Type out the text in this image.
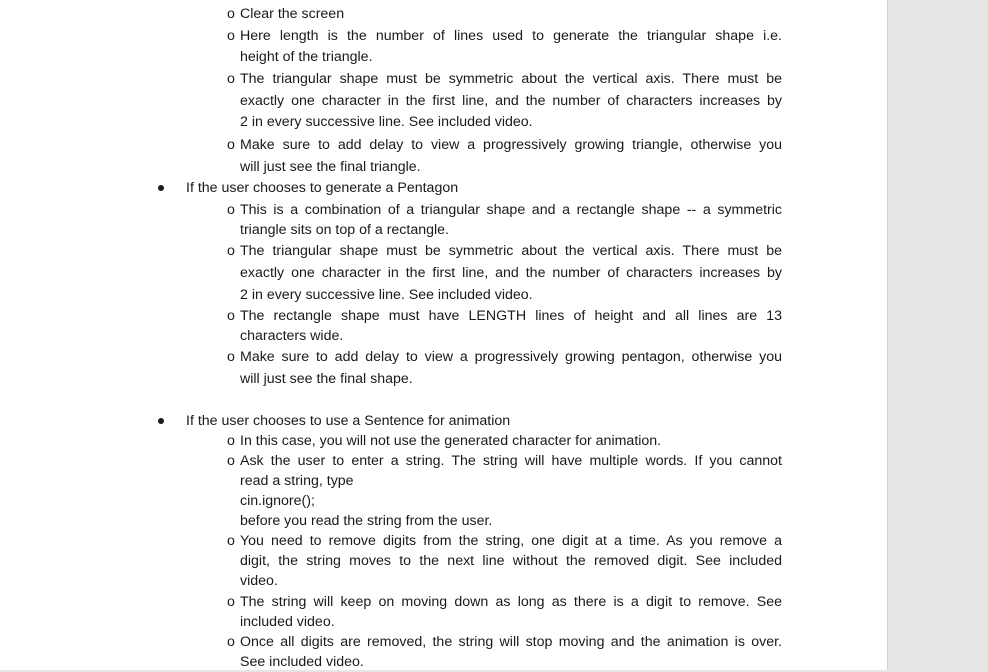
o Clear the screen
o Here length is the number of lines used to generate the triangular shape i.e.
height of the triangle.
o The triangular shape must be symmetric about the vertical axis. There must be
exactly one character in the first line, and the number of characters increases by
2 in every successive line. See included video.
o Make sure to add delay to view a progressively growing triangle, otherwise you
will just see the final triangle.
If the user chooses to generate a Pentagon
o This is a combination of a triangular shape and a rectangle shape -- a symmetric
triangle sits on top of a rectangle.
o The triangular shape must be symmetric about the vertical axis. There must be
exactly one character in the first line, and the number of characters increases by
2 in every successive line. See included video.
o The rectangle shape must have LENGTH lines of height and all lines are 13
characters wide.
o Make sure to add delay to view a progressively growing pentagon, otherwise you
will just see the final shape.
If the user chooses to use a Sentence for animation
o In this case, you will not use the generated character for animation.
o Ask the user to enter a string. The string will have multiple words. If you cannot
read a string, type
cin.ignore();
before you read the string from the user.
o You need to remove digits from the string, one digit at a time. As you remove a
digit, the string moves to the next line without the removed digit. See included
video.
o The string will keep on moving down as long as there is a digit to remove. See
included video.
o Once all digits are removed, the string will stop moving and the animation is over.
See included video.
